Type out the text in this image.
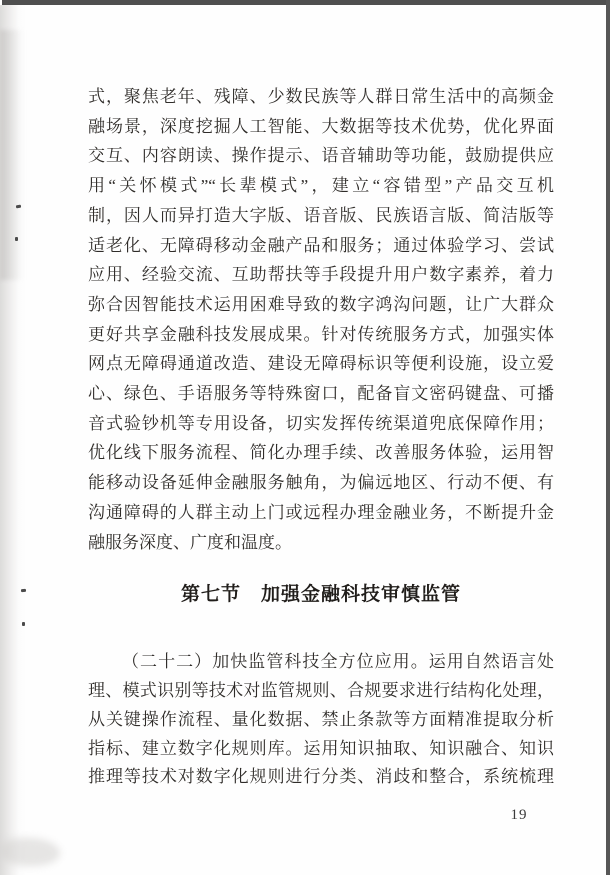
式，聚焦老年、残障、少数民族等人群日常生活中的高频金
融场景，深度挖掘人工智能、大数据等技术优势，优化界面
交互、内容朗读、操作提示、语音辅助等功能，鼓励提供应
用“关怀模式”“长辈模式”，建立“容错型”产品交互机
制，因人而异打造大字版、语音版、民族语言版、简洁版等
适老化、无障碍移动金融产品和服务；通过体验学习、尝试
应用、经验交流、互助帮扶等手段提升用户数字素养，着力
弥合因智能技术运用困难导致的数字鸿沟问题，让广大群众
更好共享金融科技发展成果。针对传统服务方式，加强实体
网点无障碍通道改造、建设无障碍标识等便利设施，设立爱
心、绿色、手语服务等特殊窗口，配备盲文密码键盘、可播
音式验钞机等专用设备，切实发挥传统渠道兜底保障作用；
优化线下服务流程、简化办理手续、改善服务体验，运用智
能移动设备延伸金融服务触角，为偏远地区、行动不便、有
沟通障碍的人群主动上门或远程办理金融业务，不断提升金
融服务深度、广度和温度。
第七节 加强金融科技审慎监管
（二十二）加快监管科技全方位应用。运用自然语言处
理、模式识别等技术对监管规则、合规要求进行结构化处理，
从关键操作流程、量化数据、禁止条款等方面精准提取分析
指标、建立数字化规则库。运用知识抽取、知识融合、知识
推理等技术对数字化规则进行分类、消歧和整合，系统梳理
19
